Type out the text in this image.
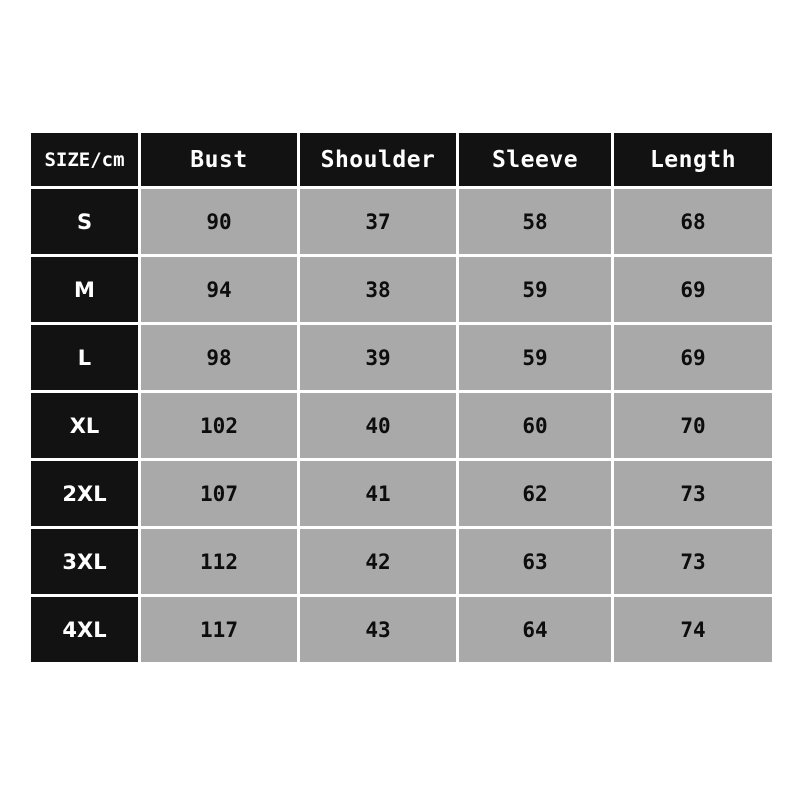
SIZE/cm	Bust	Shoulder	Sleeve	Length
S	90	37	58	68
M	94	38	59	69
L	98	39	59	69
XL	102	40	60	70
2XL	107	41	62	73
3XL	112	42	63	73
4XL	117	43	64	74
